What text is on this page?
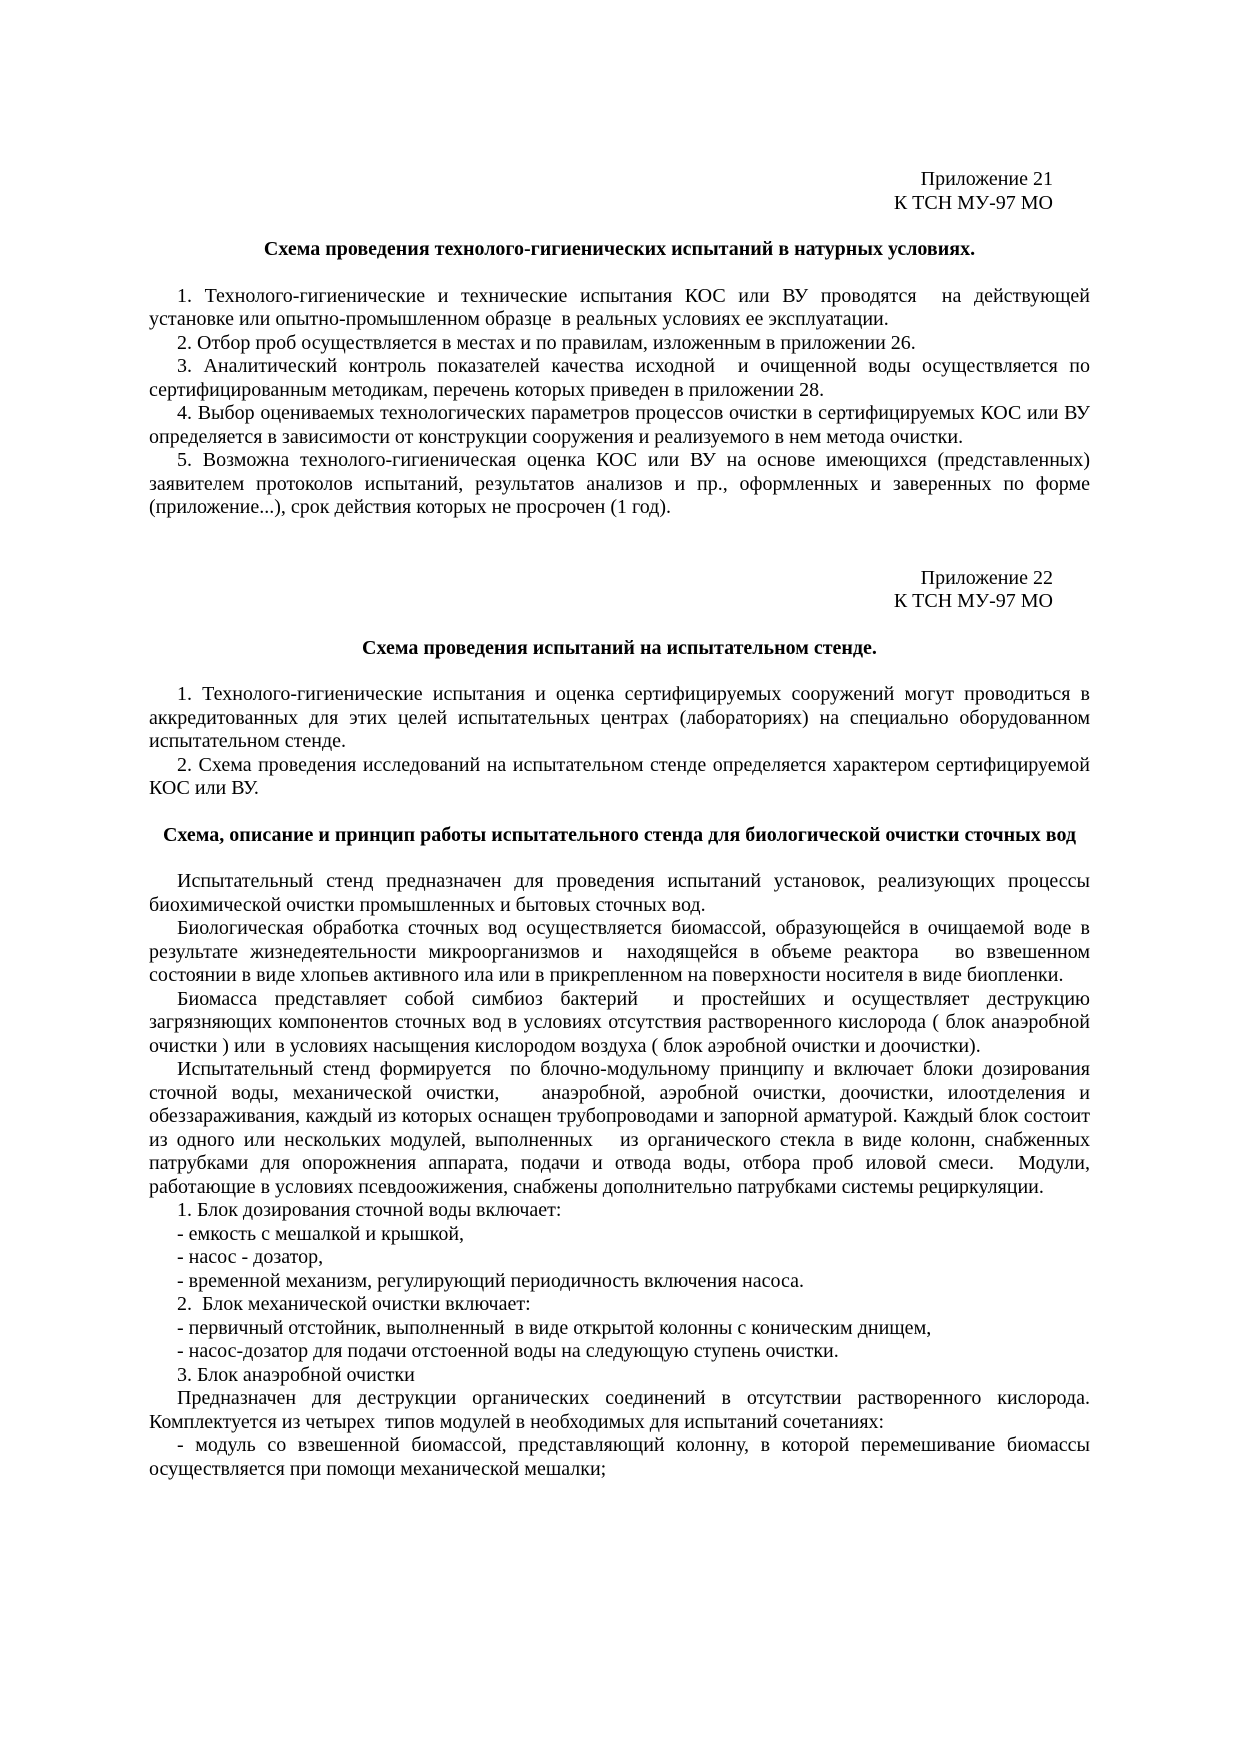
Приложение 21
К ТСН МУ-97 МО
Схема проведения технолого-гигиенических испытаний в натурных условиях.

1. Технолого-гигиенические и технические испытания КОС или ВУ проводятся  на действующей установке или опытно-промышленном образце  в реальных условиях ее эксплуатации.

2. Отбор проб осуществляется в местах и по правилам, изложенным в приложении 26.

3. Аналитический контроль показателей качества исходной  и очищенной воды осуществляется по сертифицированным методикам, перечень которых приведен в приложении 28.

4. Выбор оцениваемых технологических параметров процессов очистки в сертифицируемых КОС или ВУ определяется в зависимости от конструкции сооружения и реализуемого в нем метода очистки.

5. Возможна технолого-гигиеническая оценка КОС или ВУ на основе имеющихся (представленных) заявителем протоколов испытаний, результатов анализов и пр., оформленных и заверенных по форме (приложение...), срок действия которых не просрочен (1 год).

Приложение 22
К ТСН МУ-97 МО
Схема проведения испытаний на испытательном стенде.

1. Технолого-гигиенические испытания и оценка сертифицируемых сооружений могут проводиться в аккредитованных для этих целей испытательных центрах (лабораториях) на специально оборудованном испытательном стенде.

2. Схема проведения исследований на испытательном стенде определяется характером сертифицируемой КОС или ВУ.

Схема, описание и принцип работы испытательного стенда для биологической очистки сточных вод

Испытательный стенд предназначен для проведения испытаний установок, реализующих процессы биохимической очистки промышленных и бытовых сточных вод.

Биологическая обработка сточных вод осуществляется биомассой, образующейся в очищаемой воде в результате жизнедеятельности микроорганизмов и  находящейся в объеме реактора   во взвешенном состоянии в виде хлопьев активного ила или в прикрепленном на поверхности носителя в виде биопленки.

Биомасса представляет собой симбиоз бактерий  и простейших и осуществляет деструкцию загрязняющих компонентов сточных вод в условиях отсутствия растворенного кислорода ( блок анаэробной очистки ) или  в условиях насыщения кислородом воздуха ( блок аэробной очистки и доочистки).

Испытательный стенд формируется  по блочно-модульному принципу и включает блоки дозирования сточной воды, механической очистки,   анаэробной, аэробной очистки, доочистки, илоотделения и обеззараживания, каждый из которых оснащен трубопроводами и запорной арматурой. Каждый блок состоит из одного или нескольких модулей, выполненных   из органического стекла в виде колонн, снабженных патрубками для опорожнения аппарата, подачи и отвода воды, отбора проб иловой смеси.  Модули, работающие в условиях псевдоожижения, снабжены дополнительно патрубками системы рециркуляции.

1. Блок дозирования сточной воды включает:

- емкость с мешалкой и крышкой,

- насос - дозатор,

- временной механизм, регулирующий периодичность включения насоса.

2.  Блок механической очистки включает:

- первичный отстойник, выполненный  в виде открытой колонны с коническим днищем,

- насос-дозатор для подачи отстоенной воды на следующую ступень очистки.

3. Блок анаэробной очистки

Предназначен для деструкции органических соединений в отсутствии растворенного кислорода. Комплектуется из четырех  типов модулей в необходимых для испытаний сочетаниях:

- модуль со взвешенной биомассой, представляющий колонну, в которой перемешивание биомассы осуществляется при помощи механической мешалки;
